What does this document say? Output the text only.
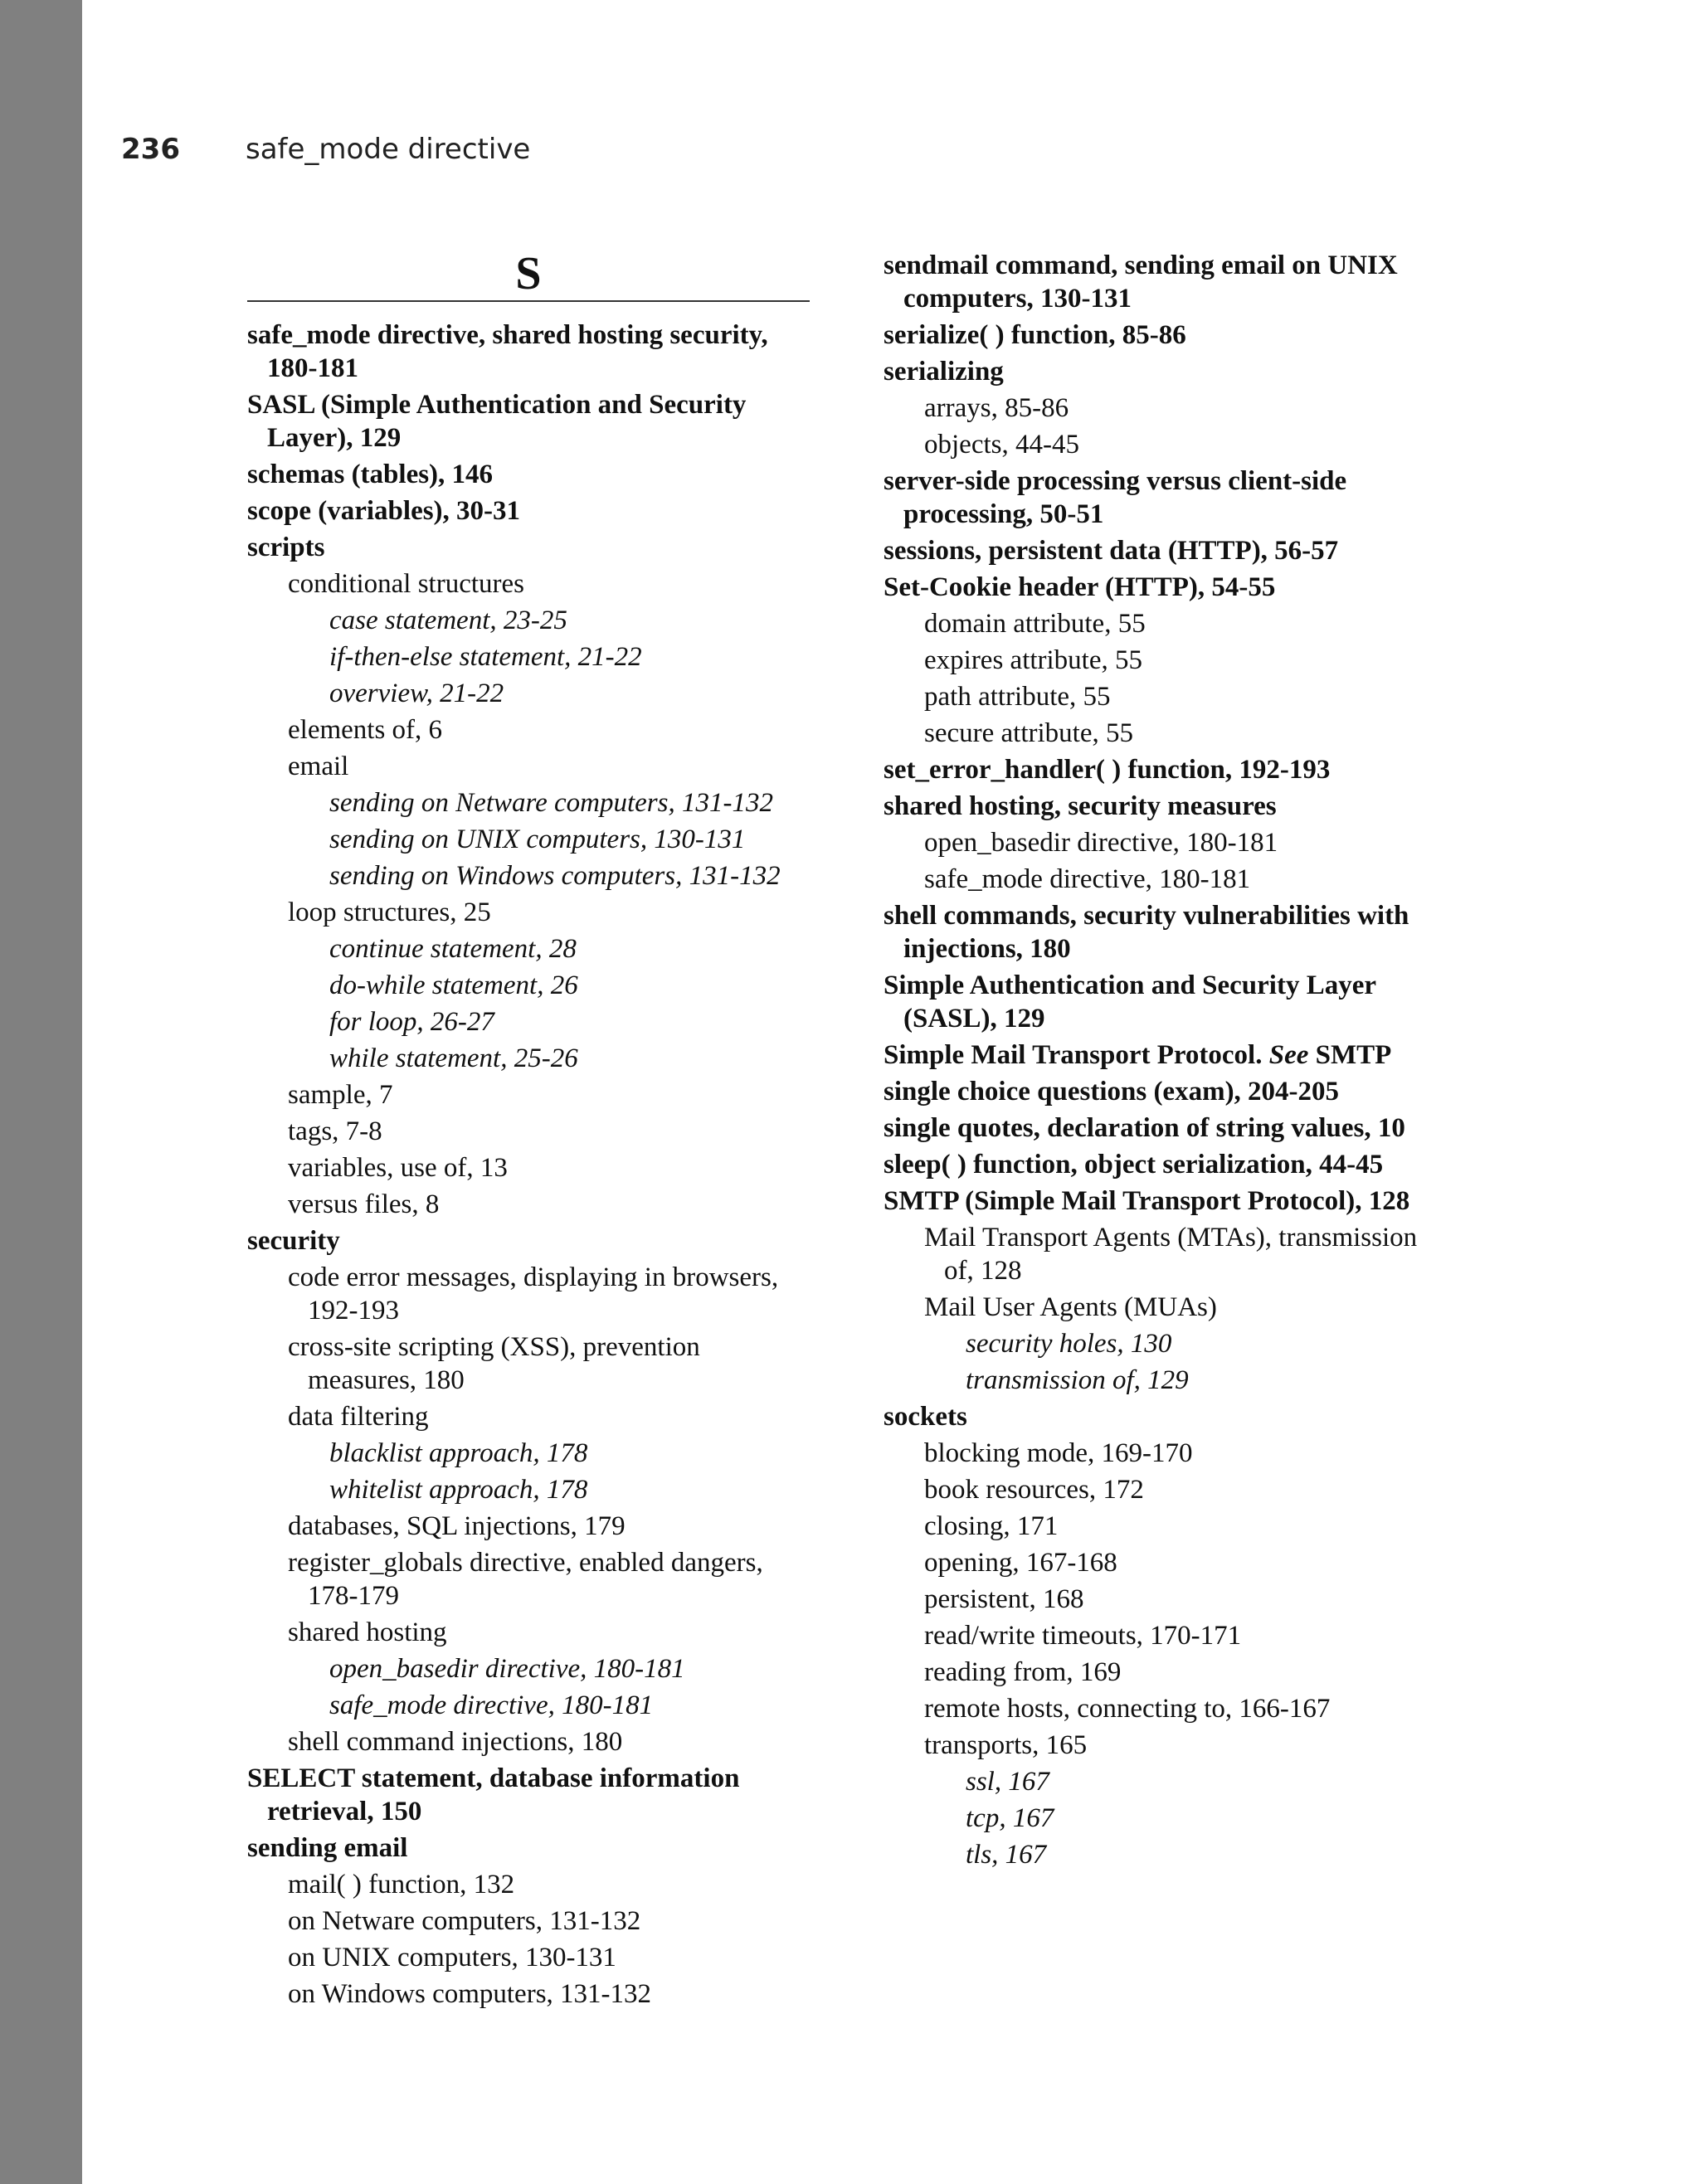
236 safe_mode directive
S
safe_mode directive, shared hosting security, 180-181
SASL (Simple Authentication and Security Layer), 129
schemas (tables), 146
scope (variables), 30-31
scripts
conditional structures
case statement, 23-25
if-then-else statement, 21-22
overview, 21-22
elements of, 6
email
sending on Netware computers, 131-132
sending on UNIX computers, 130-131
sending on Windows computers, 131-132
loop structures, 25
continue statement, 28
do-while statement, 26
for loop, 26-27
while statement, 25-26
sample, 7
tags, 7-8
variables, use of, 13
versus files, 8
security
code error messages, displaying in browsers, 192-193
cross-site scripting (XSS), prevention measures, 180
data filtering
blacklist approach, 178
whitelist approach, 178
databases, SQL injections, 179
register_globals directive, enabled dangers, 178-179
shared hosting
open_basedir directive, 180-181
safe_mode directive, 180-181
shell command injections, 180
SELECT statement, database information retrieval, 150
sending email
mail( ) function, 132
on Netware computers, 131-132
on UNIX computers, 130-131
on Windows computers, 131-132
sendmail command, sending email on UNIX computers, 130-131
serialize( ) function, 85-86
serializing
arrays, 85-86
objects, 44-45
server-side processing versus client-side processing, 50-51
sessions, persistent data (HTTP), 56-57
Set-Cookie header (HTTP), 54-55
domain attribute, 55
expires attribute, 55
path attribute, 55
secure attribute, 55
set_error_handler( ) function, 192-193
shared hosting, security measures
open_basedir directive, 180-181
safe_mode directive, 180-181
shell commands, security vulnerabilities with injections, 180
Simple Authentication and Security Layer (SASL), 129
Simple Mail Transport Protocol. See SMTP
single choice questions (exam), 204-205
single quotes, declaration of string values, 10
sleep( ) function, object serialization, 44-45
SMTP (Simple Mail Transport Protocol), 128
Mail Transport Agents (MTAs), transmission of, 128
Mail User Agents (MUAs)
security holes, 130
transmission of, 129
sockets
blocking mode, 169-170
book resources, 172
closing, 171
opening, 167-168
persistent, 168
read/write timeouts, 170-171
reading from, 169
remote hosts, connecting to, 166-167
transports, 165
ssl, 167
tcp, 167
tls, 167
